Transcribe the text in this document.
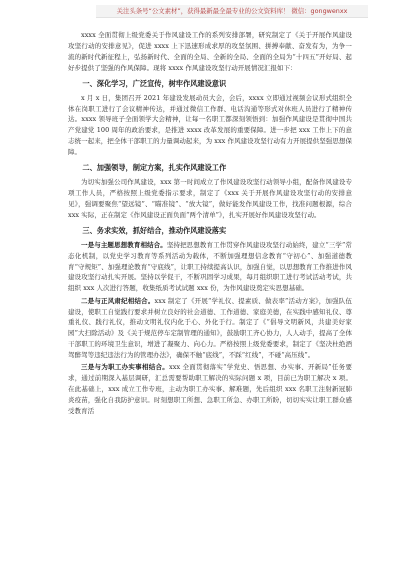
关注头条号“公文素材”，获得最新最全最专业的公文资料库！ 微信：gongwenxx

xxxx 全面贯彻上级党委关于作风建设工作的系列安排部署，研究制定了《关于开展作风建设攻坚行动的安排意见》，促进 xxxx 上下迅速形成求厚的攻坚氛围、拼搏奉献、奋发有为，为争一流的新时代新征程上，弘扬新时代、全面的全局、全新的全局、全面的全局为“十四五”开好局、起好步提供了坚强的作风保障。现将 xxxx 作风建设攻坚行动开展情况汇报如下：

一、深化学习，广泛宣传，树牢作风建设意识

x 月 x 日，集团召开 2021 年建设发展动员大会，会后，xxxx 立即通过视频会议形式组织全体在岗职工进行了会议精神传达，并通过微信工作群、电话沟通等形式对休班人员进行了精神传达。xxxx 领导班子全面领学大会精神，让每一名职工都深刻领悟到：加强作风建设是贯彻中国共产党建党 100 周年的政治要求，是推进 xxxx 改革发展的重要保障。进一步把 xxx 工作上下的意志统一起来，把全体干部职工的力量调动起来，为 xxx 作风建设攻坚行动有力开展提供坚强思想保障。

二、加强领导，制定方案，扎实作风建设工作

为切实加强公司作风建设，xxx 第一时间成立了作风建设攻坚行动领导小组，配备作风建设专项工作人员，严格按照上级党委指示要求，制定了《xxx 关于开展作风建设攻坚行动的安排意见》，强调要聚焦“望远镜”、“瞄准镜”、“放大镜”，做好能发作风建设工作，找准问题根源，综合 xxx 实际，正在制定《作风建设正面负面“两个清单”》，扎实开展好作风建设攻坚行动。

三、务求实效，抓好结合，推动作风建设落实

一是与主题思想教育相结合。坚持把思想教育工作贯穿作风建设攻坚行动始终，建立“三学”常态化机制，以党史学习教育等系列活动为载体，不断加强理想信念教育“守初心”、加强道德教育“守规矩”、加强理论教育“守底线”，让职工持续提高认识，加强自觉，以思想教育工作推进作风建设攻坚行动扎实开展。坚持以学促干，不断巩固学习成果，每月组织职工进行考试活动考试，共组织 xxx 人次进行答题，收集纸质考试试题 xxx 份，为作风建设奠定实思想基础。

二是与正风肃纪相结合。xxx 制定了《开展“学礼仪、提素质、做表率”活动方案》，加强队伍建设，使职工自觉践行要求并树立良好的社会道德、工作道德、家庭美德，在实践中感知礼仪、尊重礼仪、践行礼仪，推动文明礼仪内化于心、外化于行。制定了《“倡导文明新风，共建美好家园”大扫除活动》及《关于规范停车定制管理的通知》，鼓励职工齐心协力，人人动手，提高了全体干部职工的环境卫生意识，增进了凝聚力、向心力。严格按照上级党委要求，制定了《坚决杜绝酒驾醉驾等违纪违法行为的管理办法》，确保不触“底线”，不踩“红线”，不碰“高压线”。

三是与为职工办实事相结合。xxx 全面贯彻落实“学党史、悟思想、办实事、开新局”任务要求，通过前期深入基层调研，汇总需要帮助职工解决的实际问题 x 项，目前已为职工解决 x 项。在此基础上，xxx 成立工作专班，主动为职工办实事、解难题，先后组织 xxx 名职工注射新冠肺炎疫苗，强化自我防护意识。时刻想职工所想、急职工所急、办职工所盼，切切实实让职工群众感受教育活
